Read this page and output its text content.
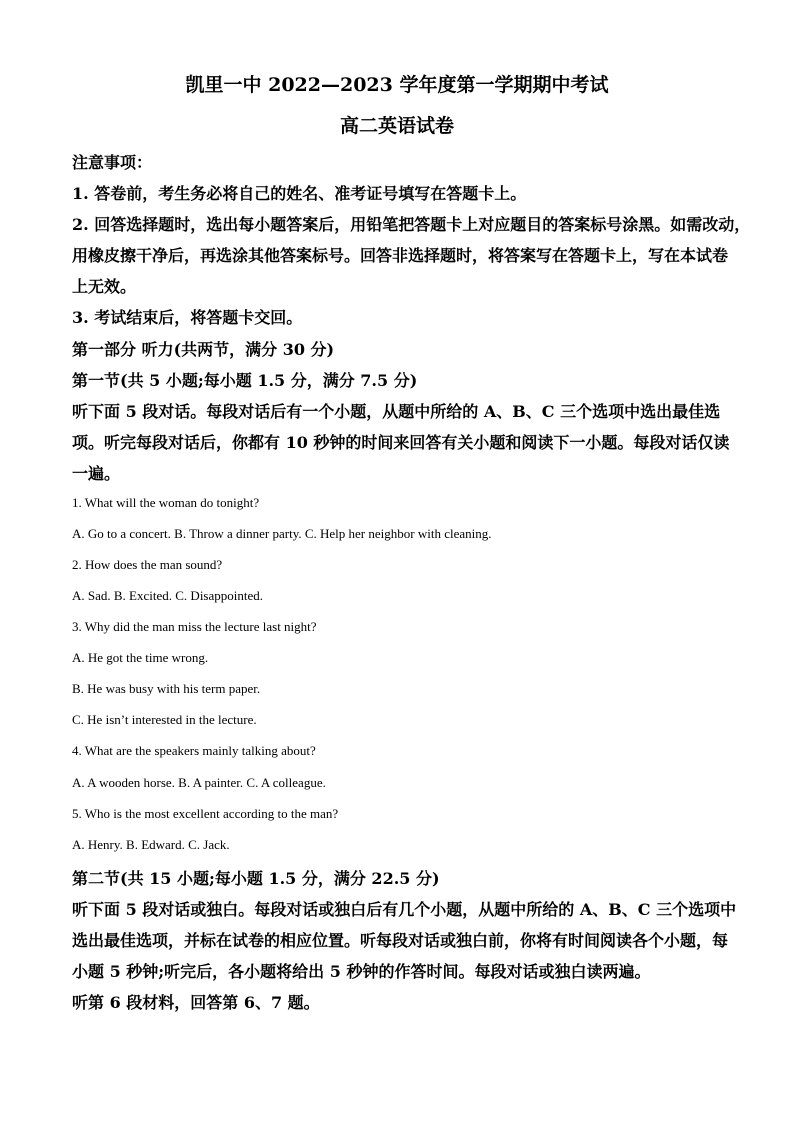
凯里一中 2022—2023 学年度第一学期期中考试
高二英语试卷
注意事项：
1. 答卷前，考生务必将自己的姓名、准考证号填写在答题卡上。
2. 回答选择题时，选出每小题答案后，用铅笔把答题卡上对应题目的答案标号涂黑。如需改动，
用橡皮擦干净后，再选涂其他答案标号。回答非选择题时，将答案写在答题卡上，写在本试卷
上无效。
3. 考试结束后，将答题卡交回。
第一部分 听力(共两节，满分 30 分)
第一节(共 5 小题;每小题 1.5 分，满分 7.5 分)
听下面 5 段对话。每段对话后有一个小题，从题中所给的 A、B、C 三个选项中选出最佳选
项。听完每段对话后，你都有 10 秒钟的时间来回答有关小题和阅读下一小题。每段对话仅读
一遍。
1. What will the woman do tonight?
A. Go to a concert. B. Throw a dinner party. C. Help her neighbor with cleaning.
2. How does the man sound?
A. Sad. B. Excited. C. Disappointed.
3. Why did the man miss the lecture last night?
A. He got the time wrong.
B. He was busy with his term paper.
C. He isn’t interested in the lecture.
4. What are the speakers mainly talking about?
A. A wooden horse. B. A painter. C. A colleague.
5. Who is the most excellent according to the man?
A. Henry. B. Edward. C. Jack.
第二节(共 15 小题;每小题 1.5 分，满分 22.5 分)
听下面 5 段对话或独白。每段对话或独白后有几个小题，从题中所给的 A、B、C 三个选项中
选出最佳选项，并标在试卷的相应位置。听每段对话或独白前，你将有时间阅读各个小题，每
小题 5 秒钟;听完后，各小题将给出 5 秒钟的作答时间。每段对话或独白读两遍。
听第 6 段材料，回答第 6、7 题。
